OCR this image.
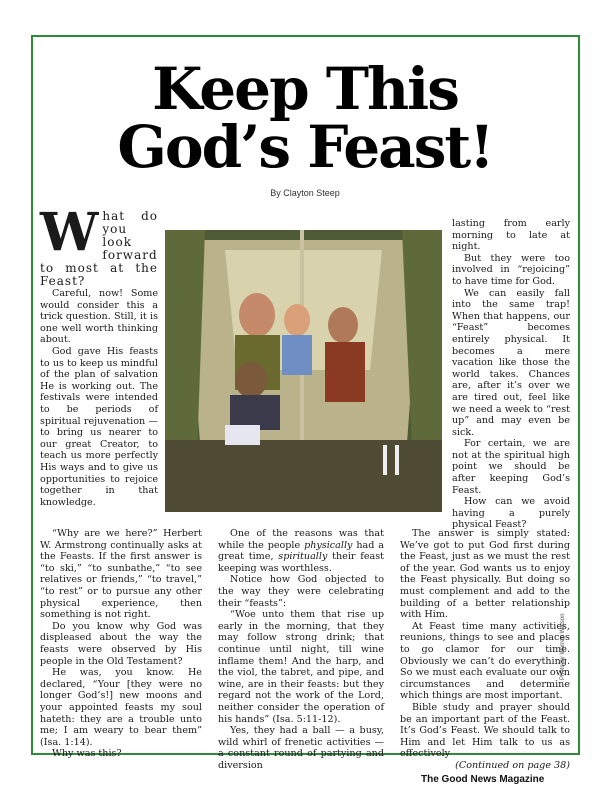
Keep This
God’s Feast!
By Clayton Steep
W hat do you look forward to most at the Feast?

Careful, now! Some would consider this a trick question. Still, it is one well worth thinking about.

God gave His feasts to us to keep us mindful of the plan of salvation He is working out. The festivals were intended to be periods of spiritual rejuvenation — to bring us nearer to our great Creator, to teach us more perfectly His ways and to give us opportunities to rejoice together in that knowledge.

“Why are we here?” Herbert W. Armstrong continually asks at the Feasts. If the first answer is “to ski,” “to sunbathe,” “to see relatives or friends,” “to travel,” “to rest” or to pursue any other physical experience, then something is not right.

Do you know why God was displeased about the way the feasts were observed by His people in the Old Testament?

He was, you know. He declared, “Your [they were no longer God’s!] new moons and your appointed feasts my soul hateth: they are a trouble unto me; I am weary to bear them” (Isa. 1:14).

Why was this?

One of the reasons was that while the people physically had a great time, spiritually their feast keeping was worthless.

Notice how God objected to the way they were celebrating their “feasts”:

“Woe unto them that rise up early in the morning, that they may follow strong drink; that continue until night, till wine inflame them! And the harp, and the viol, the tabret, and pipe, and wine, are in their feasts: but they regard not the work of the Lord, neither consider the operation of his hands” (Isa. 5:11-12).

Yes, they had a ball — a busy, wild whirl of frenetic activities — a constant round of partying and diversion

lasting from early morning to late at night.

But they were too involved in “rejoicing” to have time for God.

We can easily fall into the same trap! When that happens, our “Feast” becomes entirely physical. It becomes a mere vacation like those the world takes. Chances are, after it’s over we are tired out, feel like we need a week to “rest up” and may even be sick.

For certain, we are not at the spiritual high point we should be after keeping God’s Feast.

How can we avoid having a purely physical Feast?

The answer is simply stated: We’ve got to put God first during the Feast, just as we must the rest of the year. God wants us to enjoy the Feast physically. But doing so must complement and add to the building of a better relationship with Him.

At Feast time many activities, reunions, things to see and places to go clamor for our time. Obviously we can’t do everything. So we must each evaluate our own circumstances and determine which things are most important.

Bible study and prayer should be an important part of the Feast. It’s God’s Feast. We should talk to Him and let Him talk to us as effectively

(Continued on page 38)

Photo by Warren Watson
The Good News Magazine
